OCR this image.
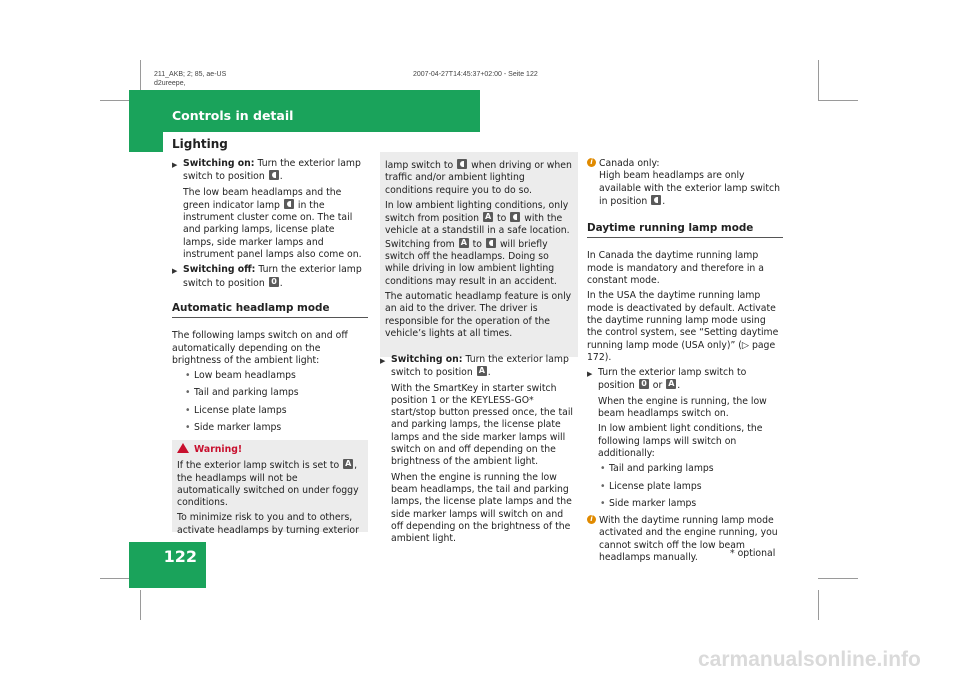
211_AKB; 2; 85, ae-US
d2ureepe,
2007-04-27T14:45:37+02:00 - Seite 122
Controls in detail
Lighting
122
▶ Switching on: Turn the exterior lamp switch to position .
The low beam headlamps and the green indicator lamp in the instrument cluster come on. The tail and parking lamps, license plate lamps, side marker lamps and instrument panel lamps also come on.
▶ Switching off: Turn the exterior lamp switch to position 0 .
Automatic headlamp mode

The following lamps switch on and off automatically depending on the brightness of the ambient light:

• Low beam headlamps
• Tail and parking lamps
• License plate lamps
• Side marker lamps
Warning!

If the exterior lamp switch is set to A , the headlamps will not be automatically switched on under foggy conditions.

To minimize risk to you and to others, activate headlamps by turning exterior

lamp switch to when driving or when traffic and/or ambient lighting conditions require you to do so.

In low ambient lighting conditions, only switch from position A to with the vehicle at a standstill in a safe location. Switching from A to will briefly switch off the headlamps. Doing so while driving in low ambient lighting conditions may result in an accident.

The automatic headlamp feature is only an aid to the driver. The driver is responsible for the operation of the vehicle’s lights at all times.

▶ Switching on: Turn the exterior lamp switch to position A .
With the SmartKey in starter switch position 1 or the KEYLESS-GO* start/stop button pressed once, the tail and parking lamps, the license plate lamps and the side marker lamps will switch on and off depending on the brightness of the ambient light.
When the engine is running the low beam headlamps, the tail and parking lamps, the license plate lamps and the side marker lamps will switch on and off depending on the brightness of the ambient light.
i Canada only:
High beam headlamps are only available with the exterior lamp switch in position .
Daytime running lamp mode

In Canada the daytime running lamp mode is mandatory and therefore in a constant mode.

In the USA the daytime running lamp mode is deactivated by default. Activate the daytime running lamp mode using the control system, see “Setting daytime running lamp mode (USA only)” (▷ page 172).

▶ Turn the exterior lamp switch to position 0 or A .
When the engine is running, the low beam headlamps switch on.
In low ambient light conditions, the following lamps will switch on additionally:
• Tail and parking lamps
• License plate lamps
• Side marker lamps
i With the daytime running lamp mode activated and the engine running, you cannot switch off the low beam headlamps manually.	* optional
carmanualsonline.info
